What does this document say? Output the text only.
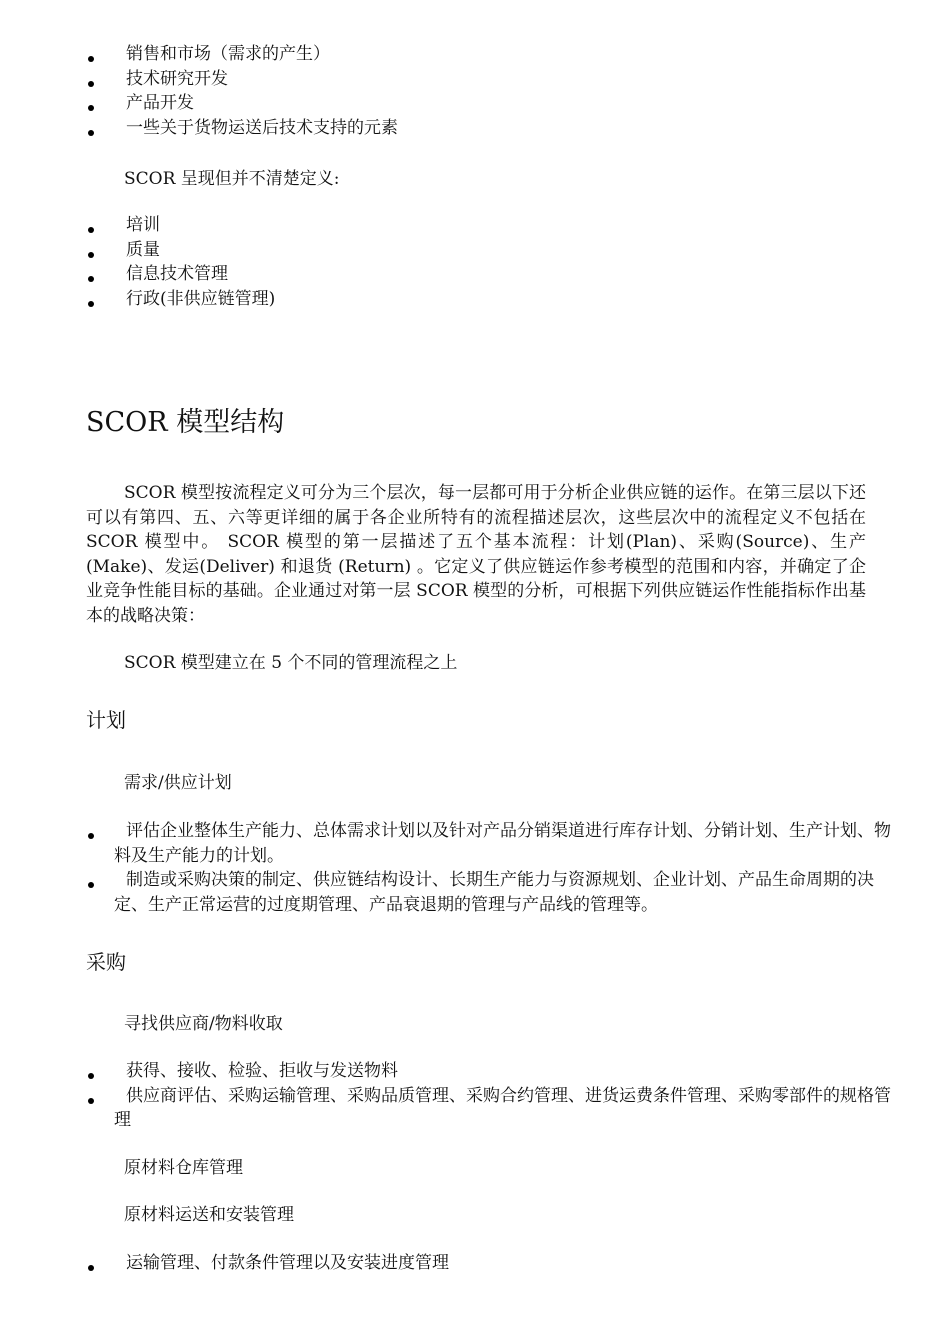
销售和市场（需求的产生）
技术研究开发
产品开发
一些关于货物运送后技术支持的元素

SCOR 呈现但并不清楚定义:

培训
质量
信息技术管理
行政(非供应链管理)
SCOR 模型结构

SCOR 模型按流程定义可分为三个层次，每一层都可用于分析企业供应链的运作。在第三层以下还可以有第四、五、六等更详细的属于各企业所特有的流程描述层次，这些层次中的流程定义不包括在 SCOR 模型中。 SCOR 模型的第一层描述了五个基本流程：计划(Plan)、采购(Source)、生产(Make)、发运(Deliver) 和退货 (Return) 。它定义了供应链运作参考模型的范围和内容，并确定了企业竞争性能目标的基础。企业通过对第一层 SCOR 模型的分析，可根据下列供应链运作性能指标作出基本的战略决策：

SCOR 模型建立在 5 个不同的管理流程之上

计划

需求/供应计划

评估企业整体生产能力、总体需求计划以及针对产品分销渠道进行库存计划、分销计划、生产计划、物料及生产能力的计划。
制造或采购决策的制定、供应链结构设计、长期生产能力与资源规划、企业计划、产品生命周期的决定、生产正常运营的过度期管理、产品衰退期的管理与产品线的管理等。
采购

寻找供应商/物料收取

获得、接收、检验、拒收与发送物料
供应商评估、采购运输管理、采购品质管理、采购合约管理、进货运费条件管理、采购零部件的规格管理

原材料仓库管理

原材料运送和安装管理

运输管理、付款条件管理以及安装进度管理
